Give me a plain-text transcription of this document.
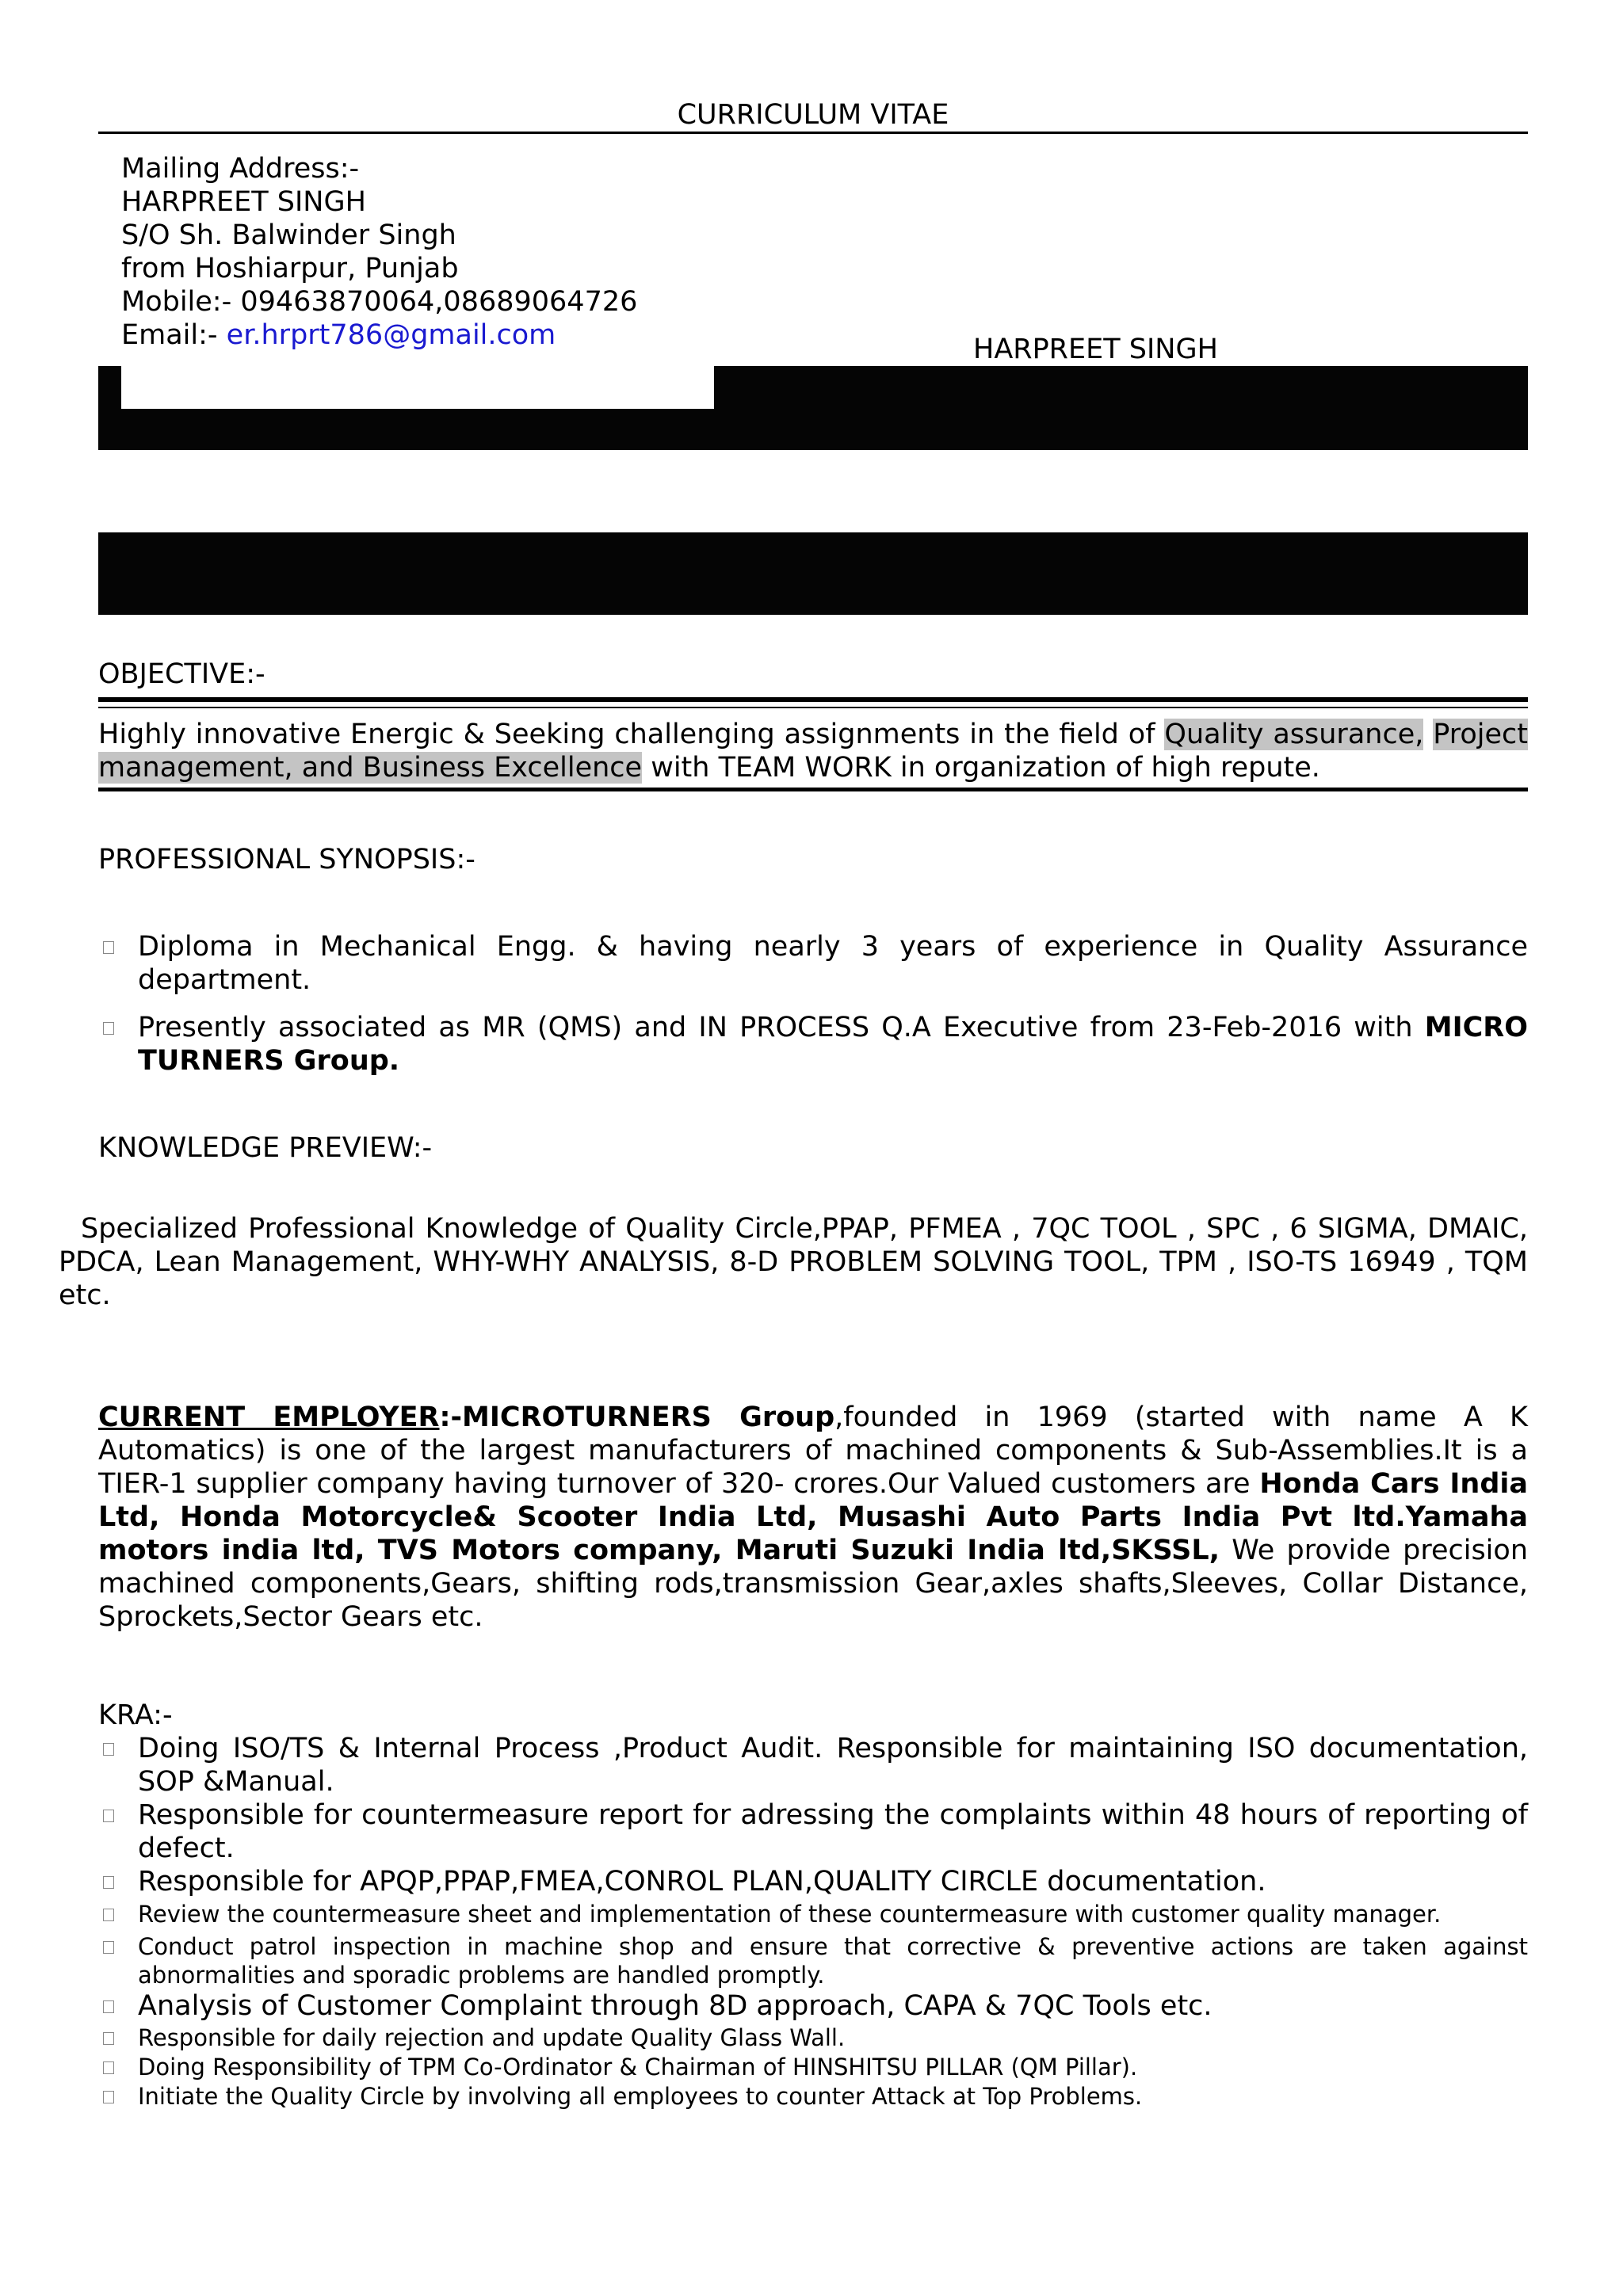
CURRICULUM VITAE
Mailing Address:-
HARPREET SINGH
S/O Sh. Balwinder Singh
from Hoshiarpur, Punjab
Mobile:- 09463870064,08689064726
Email:- er.hrprt786@gmail.com	HARPREET SINGH
OBJECTIVE:-
Highly innovative Energic & Seeking challenging assignments in the field of Quality assurance, Project management, and Business Excellence with TEAM WORK in organization of high repute.
PROFESSIONAL SYNOPSIS:-
Diploma in Mechanical Engg. & having nearly 3 years of experience in Quality Assurance department.
Presently associated as MR (QMS) and IN PROCESS Q.A Executive from 23-Feb-2016 with MICRO TURNERS Group.
KNOWLEDGE PREVIEW:-
Specialized Professional Knowledge of Quality Circle,PPAP, PFMEA , 7QC TOOL , SPC , 6 SIGMA, DMAIC, PDCA, Lean Management, WHY-WHY ANALYSIS, 8-D PROBLEM SOLVING TOOL, TPM , ISO-TS 16949 , TQM etc.
CURRENT EMPLOYER:-MICROTURNERS Group,founded in 1969 (started with name A K Automatics) is one of the largest manufacturers of machined components & Sub-Assemblies.It is a TIER-1 supplier company having turnover of 320- crores.Our Valued customers are Honda Cars India Ltd, Honda Motorcycle& Scooter India Ltd, Musashi Auto Parts India Pvt ltd.Yamaha motors india ltd, TVS Motors company, Maruti Suzuki India ltd,SKSSL, We provide precision machined components,Gears, shifting rods,transmission Gear,axles shafts,Sleeves, Collar Distance, Sprockets,Sector Gears etc.
KRA:-
Doing ISO/TS & Internal Process ,Product Audit. Responsible for maintaining ISO documentation, SOP &Manual.
Responsible for countermeasure report for adressing the complaints within 48 hours of reporting of defect.
Responsible for APQP,PPAP,FMEA,CONROL PLAN,QUALITY CIRCLE documentation.
Review the countermeasure sheet and implementation of these countermeasure with customer quality manager.
Conduct patrol inspection in machine shop and ensure that corrective & preventive actions are taken against abnormalities and sporadic problems are handled promptly.
Analysis of Customer Complaint through 8D approach, CAPA & 7QC Tools etc.
Responsible for daily rejection and update Quality Glass Wall.
Doing Responsibility of TPM Co-Ordinator & Chairman of HINSHITSU PILLAR (QM Pillar).
Initiate the Quality Circle by involving all employees to counter Attack at Top Problems.
